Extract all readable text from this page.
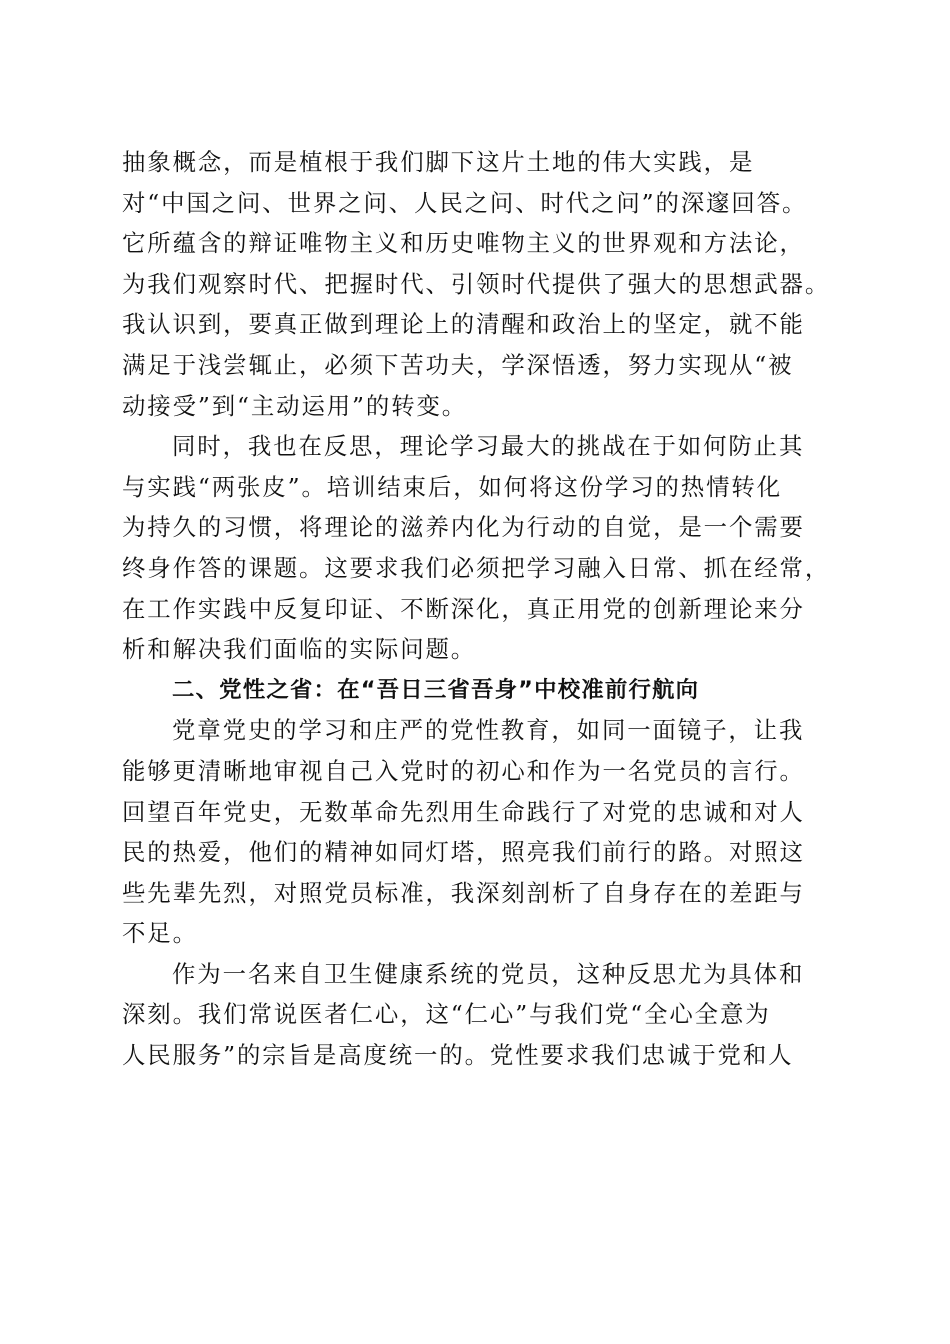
抽象概念，而是植根于我们脚下这片土地的伟大实践，是
对“中国之问、世界之问、人民之问、时代之问”的深邃回答。
它所蕴含的辩证唯物主义和历史唯物主义的世界观和方法论，
为我们观察时代、把握时代、引领时代提供了强大的思想武器。
我认识到，要真正做到理论上的清醒和政治上的坚定，就不能
满足于浅尝辄止，必须下苦功夫，学深悟透，努力实现从“被
动接受”到“主动运用”的转变。

同时，我也在反思，理论学习最大的挑战在于如何防止其
与实践“两张皮”。培训结束后，如何将这份学习的热情转化
为持久的习惯，将理论的滋养内化为行动的自觉，是一个需要
终身作答的课题。这要求我们必须把学习融入日常、抓在经常，
在工作实践中反复印证、不断深化，真正用党的创新理论来分
析和解决我们面临的实际问题。

二、党性之省：在“吾日三省吾身”中校准前行航向

党章党史的学习和庄严的党性教育，如同一面镜子，让我
能够更清晰地审视自己入党时的初心和作为一名党员的言行。
回望百年党史，无数革命先烈用生命践行了对党的忠诚和对人
民的热爱，他们的精神如同灯塔，照亮我们前行的路。对照这
些先辈先烈，对照党员标准，我深刻剖析了自身存在的差距与
不足。

作为一名来自卫生健康系统的党员，这种反思尤为具体和
深刻。我们常说医者仁心，这“仁心”与我们党“全心全意为
人民服务”的宗旨是高度统一的。党性要求我们忠诚于党和人
